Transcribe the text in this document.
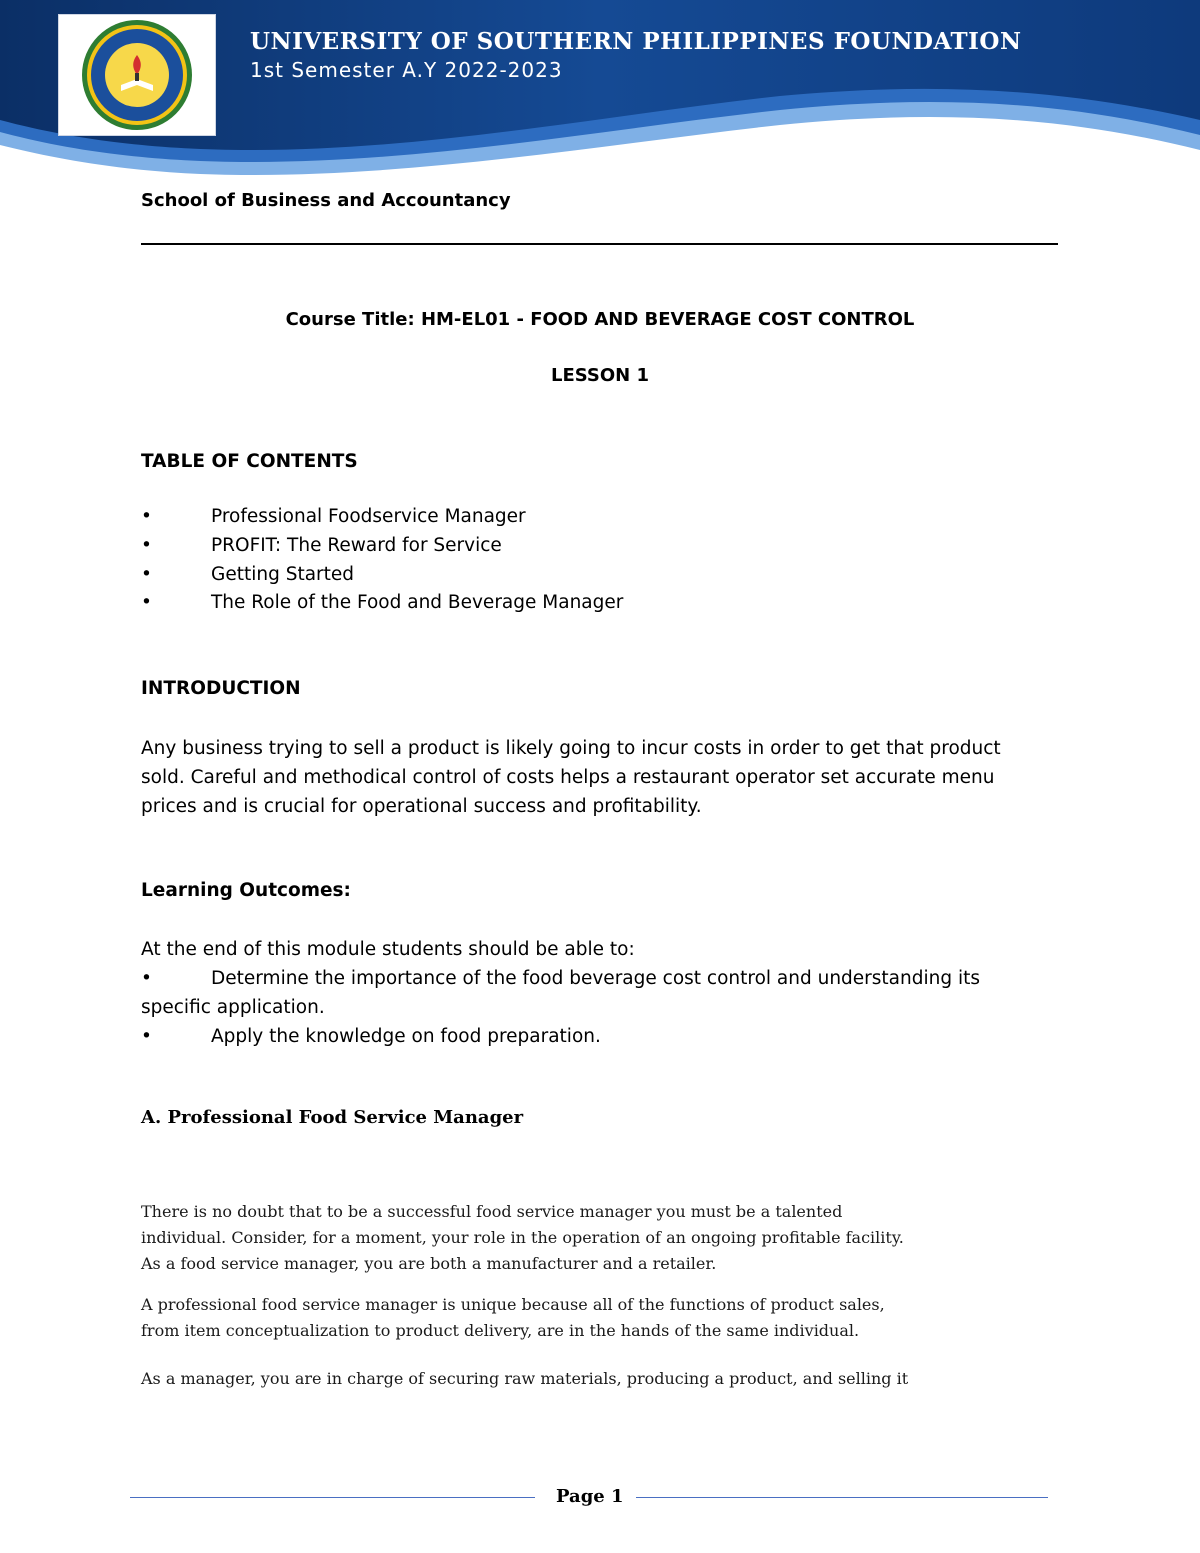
UNIVERSITY OF SOUTHERN PHILIPPINES FOUNDATION
1st Semester A.Y 2022-2023
School of Business and Accountancy
Course Title: HM-EL01 - FOOD AND BEVERAGE COST CONTROL
LESSON 1
TABLE OF CONTENTS
•	Professional Foodservice Manager
•	PROFIT: The Reward for Service
•	Getting Started
•	The Role of the Food and Beverage Manager
INTRODUCTION
Any business trying to sell a product is likely going to incur costs in order to get that product
sold. Careful and methodical control of costs helps a restaurant operator set accurate menu
prices and is crucial for operational success and profitability.
Learning Outcomes:
At the end of this module students should be able to:
•	Determine the importance of the food beverage cost control and understanding its
specific application.
•	Apply the knowledge on food preparation.
A. Professional Food Service Manager
There is no doubt that to be a successful food service manager you must be a talented
individual. Consider, for a moment, your role in the operation of an ongoing profitable facility.
As a food service manager, you are both a manufacturer and a retailer.
A professional food service manager is unique because all of the functions of product sales,
from item conceptualization to product delivery, are in the hands of the same individual.
As a manager, you are in charge of securing raw materials, producing a product, and selling it
Page 1
